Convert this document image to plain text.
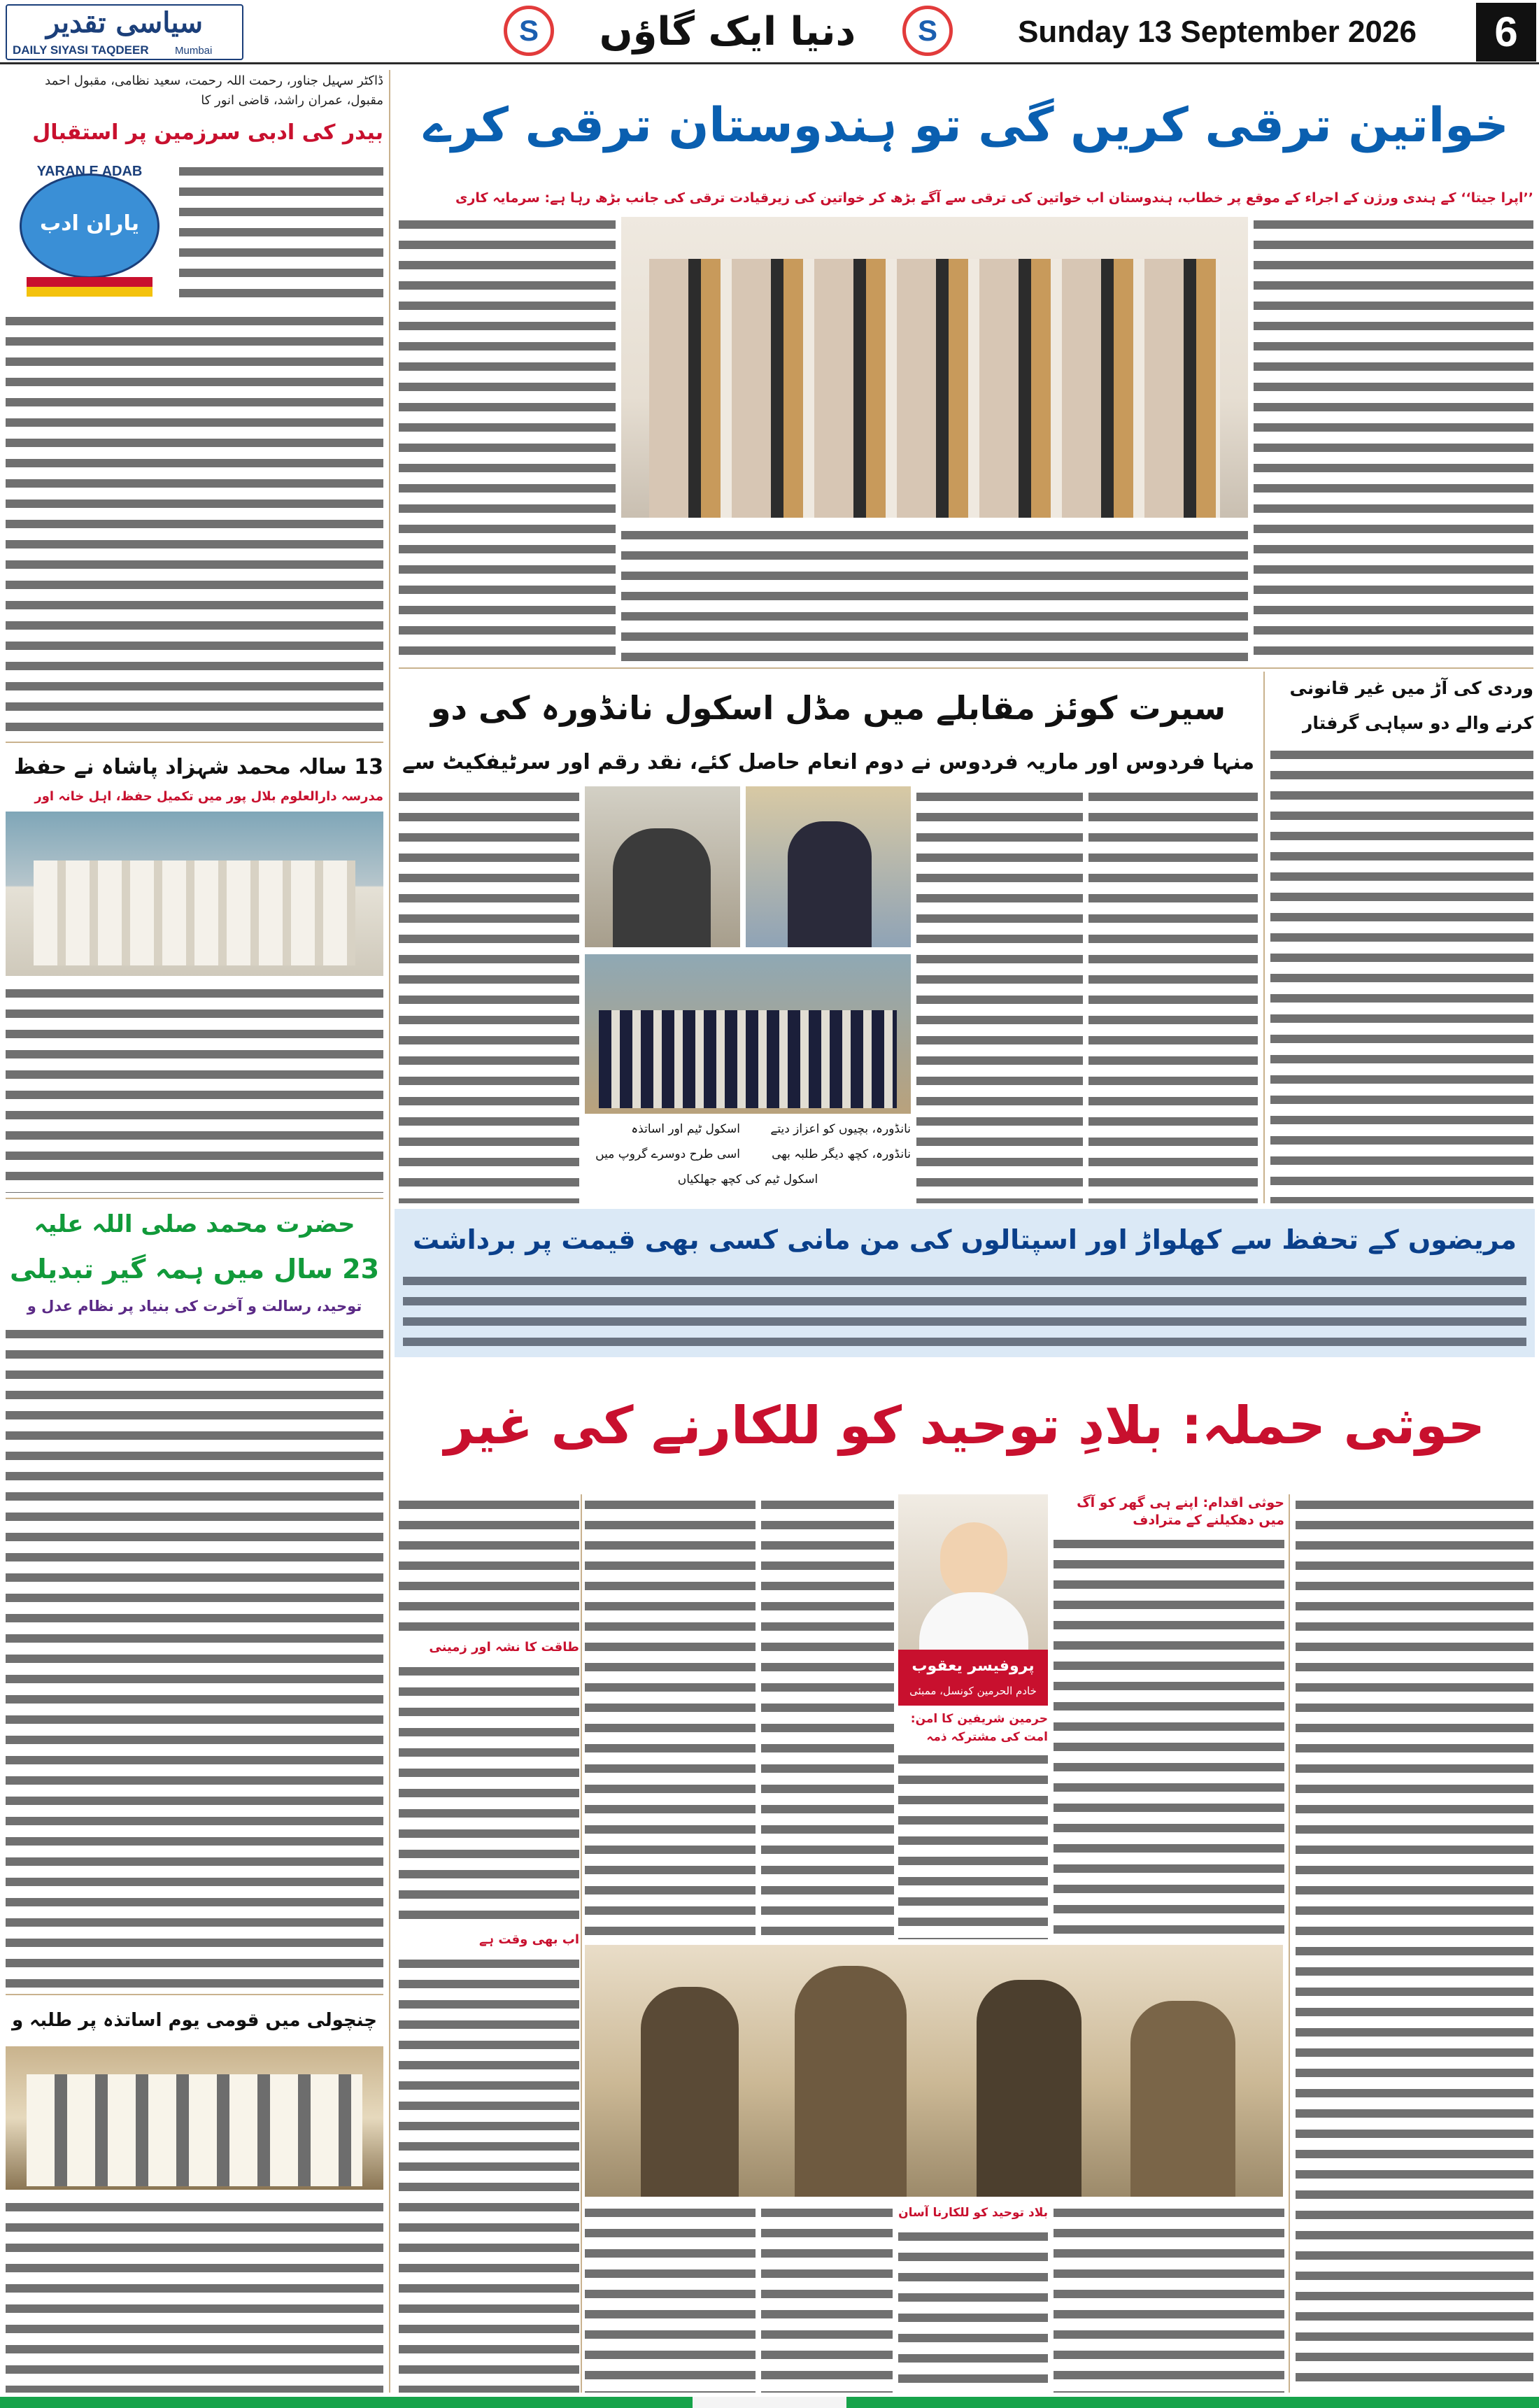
سیاسی تقدیر
DAILY SIYASI TAQDEER	Mumbai
S	دنیا ایک گاؤں	S	Sunday 13 September 2026	6
ڈاکٹر سہیل جناور، رحمت اللہ رحمت، سعید نظامی، مقبول احمد مقبول، عمران راشد، قاضی انور کا
بیدر کی ادبی سرزمین پر استقبال
YARAN E ADAB
یاران ادب
13 سالہ محمد شہزاد پاشاہ نے حفظ
مدرسہ دارالعلوم بلال پور میں تکمیل حفظ، اہل خانہ اور
حضرت محمد صلی اللہ علیہ
23 سال میں ہمہ گیر تبدیلی
توحید، رسالت و آخرت کی بنیاد پر نظام عدل و
چنچولی میں قومی یوم اساتذہ پر طلبہ و
خواتین ترقی کریں گی تو ہندوستان ترقی کرے
’’اپرا جیتا‘‘ کے ہندی ورژن کے اجراء کے موقع پر خطاب، ہندوستان اب خواتین کی ترقی سے آگے بڑھ کر خواتین کی زیرقیادت ترقی کی جانب بڑھ رہا ہے: سرمایہ کاری
وردی کی آڑ میں غیر قانونی
کرنے والے دو سپاہی گرفتار
سیرت کوئز مقابلے میں مڈل اسکول نانڈورہ کی دو
منہا فردوس اور ماریہ فردوس نے دوم انعام حاصل کئے، نقد رقم اور سرٹیفکیٹ سے
نانڈورہ، بچیوں کو اعزاز دیتے
اسکول ٹیم اور اساتذہ
اسی طرح دوسرے گروپ میں	نانڈورہ، کچھ دیگر طلبہ بھی
اسکول ٹیم کی کچھ جھلکیاں
مریضوں کے تحفظ سے کھلواڑ اور اسپتالوں کی من مانی کسی بھی قیمت پر برداشت
حوثی حملہ: بلادِ توحید کو للکارنے کی غیر
حوثی اقدام: اپنے ہی گھر کو آگ میں دھکیلنے کے مترادف
پروفیسر یعقوب
خادم الحرمین کونسل، ممبئی
حرمین شریفین کا امن: امت کی مشترکہ ذمہ
طاقت کا نشہ اور زمینی
اب بھی وقت ہے
بلاد توحید کو للکارنا آسان
